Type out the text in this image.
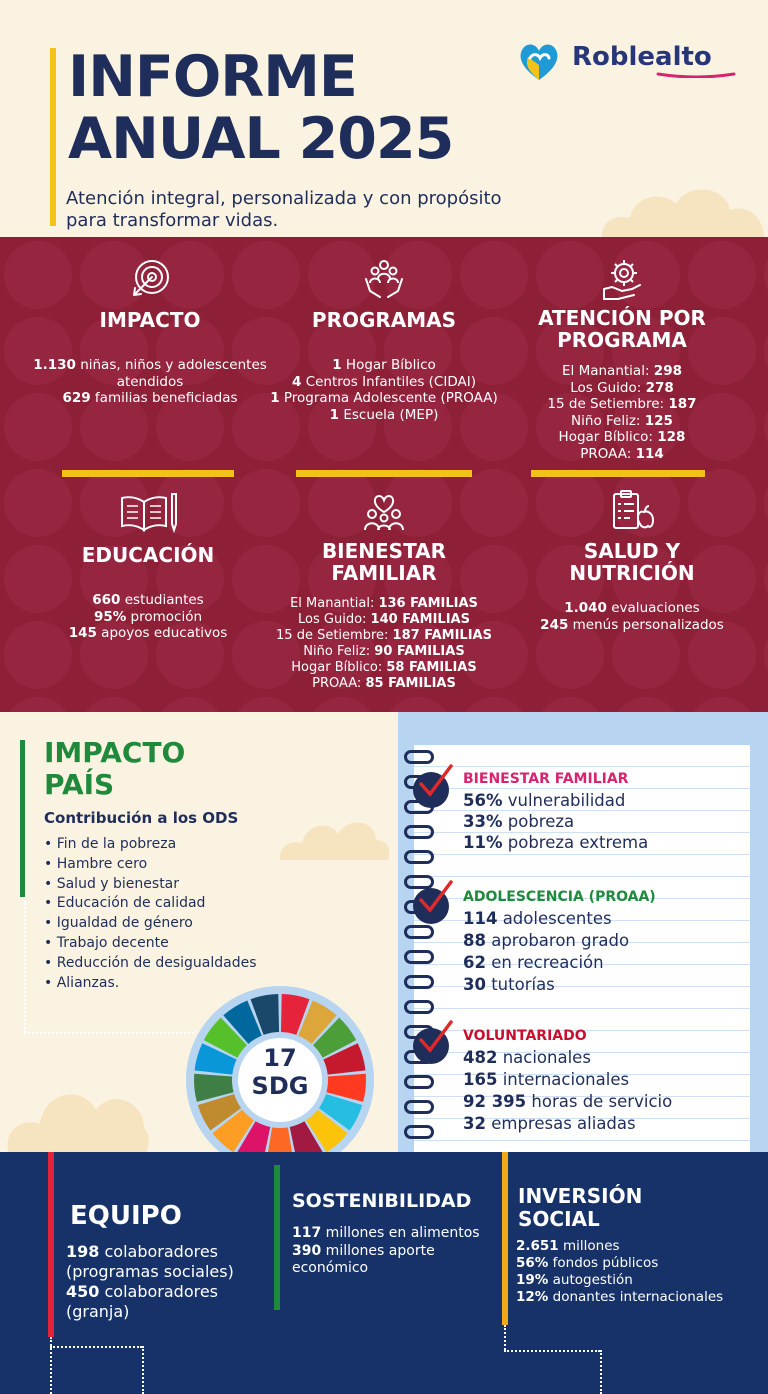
INFORME
ANUAL 2025
Atención integral, personalizada y con propósito para transformar vidas.
Roblealto
IMPACTO

1.130 niñas, niños y adolescentes atendidos
629 familias beneficiadas

PROGRAMAS

1 Hogar Bíblico
4 Centros Infantiles (CIDAI)
1 Programa Adolescente (PROAA)
1 Escuela (MEP)

ATENCIÓN POR
PROGRAMA

El Manantial: 298
Los Guido: 278
15 de Setiembre: 187
Niño Feliz: 125
Hogar Bíblico: 128
PROAA: 114

EDUCACIÓN

660 estudiantes
95% promoción
145 apoyos educativos

BIENESTAR
FAMILIAR

El Manantial: 136 FAMILIAS
Los Guido: 140 FAMILIAS
15 de Setiembre: 187 FAMILIAS
Niño Feliz: 90 FAMILIAS
Hogar Bíblico: 58 FAMILIAS
PROAA: 85 FAMILIAS

SALUD Y
NUTRICIÓN

1.040 evaluaciones
245 menús personalizados

IMPACTO
PAÍS
Contribución a los ODS
• Fin de la pobreza
• Hambre cero
• Salud y bienestar
• Educación de calidad
• Igualdad de género
• Trabajo decente
• Reducción de desigualdades
• Alianzas.
17
SDG
BIENESTAR FAMILIAR
56% vulnerabilidad
33% pobreza
11% pobreza extrema
ADOLESCENCIA (PROAA)
114 adolescentes
88 aprobaron grado
62 en recreación
30 tutorías
VOLUNTARIADO
482 nacionales
165 internacionales
92 395 horas de servicio
32 empresas aliadas
EQUIPO
198 colaboradores (programas sociales)
450 colaboradores (granja)
SOSTENIBILIDAD
117 millones en alimentos
390 millones aporte económico
INVERSIÓN
SOCIAL
2.651 millones
56% fondos públicos
19% autogestión
12% donantes internacionales
